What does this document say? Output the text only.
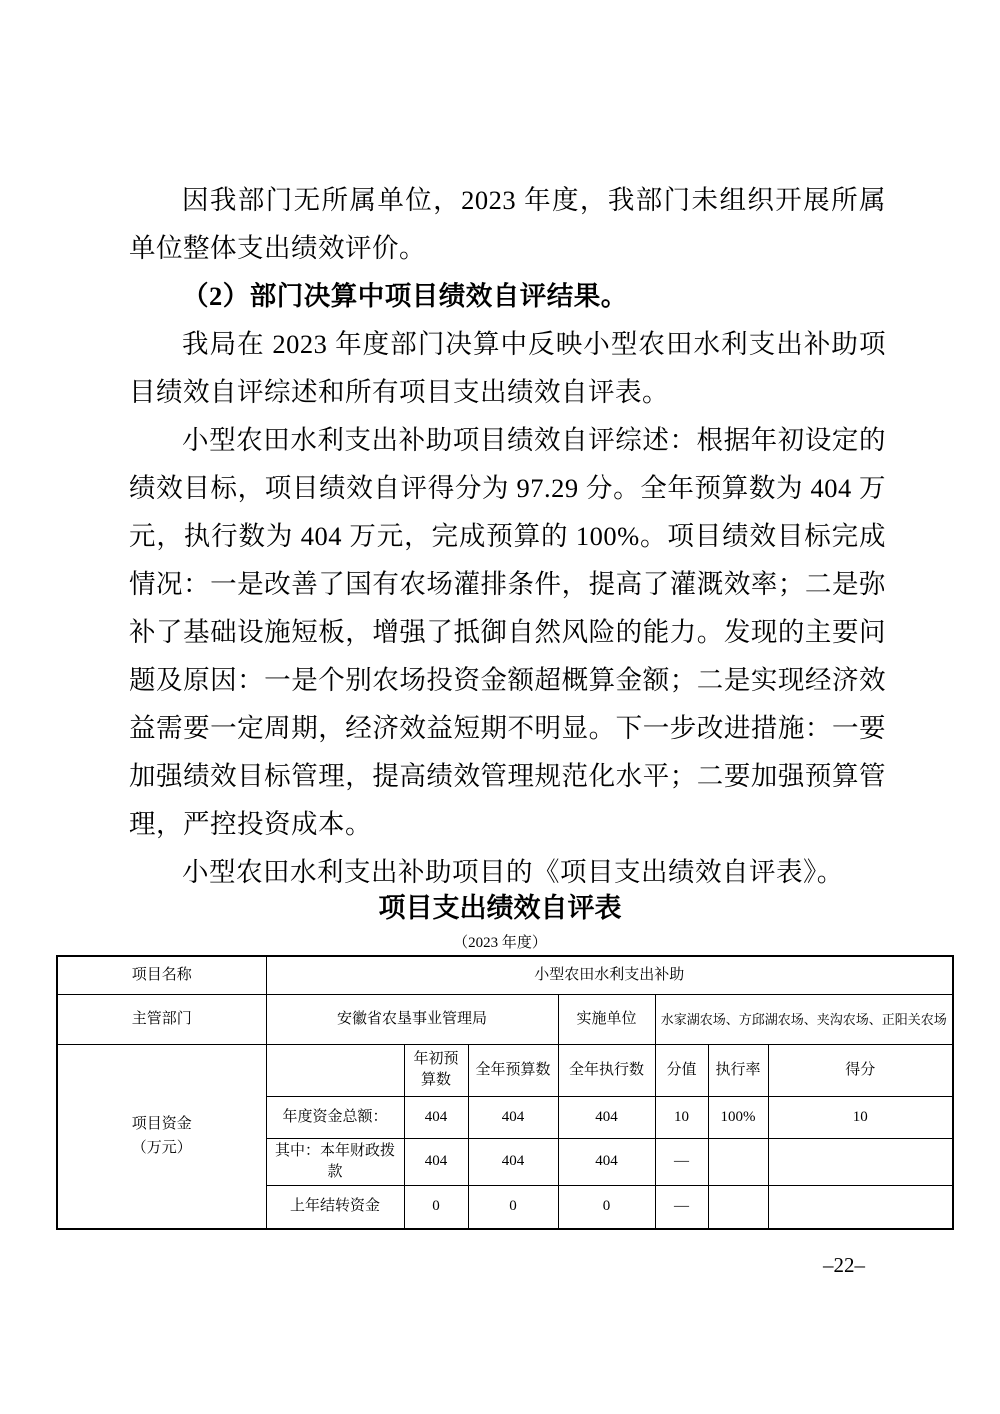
因我部门无所属单位，2023 年度，我部门未组织开展所属单位整体支出绩效评价。

（2）部门决算中项目绩效自评结果。

我局在 2023 年度部门决算中反映小型农田水利支出补助项目绩效自评综述和所有项目支出绩效自评表。

小型农田水利支出补助项目绩效自评综述：根据年初设定的绩效目标，项目绩效自评得分为 97.29 分。全年预算数为 404 万元，执行数为 404 万元，完成预算的 100%。项目绩效目标完成情况：一是改善了国有农场灌排条件，提高了灌溉效率；二是弥补了基础设施短板，增强了抵御自然风险的能力。发现的主要问题及原因：一是个别农场投资金额超概算金额；二是实现经济效益需要一定周期，经济效益短期不明显。下一步改进措施：一要加强绩效目标管理，提高绩效管理规范化水平；二要加强预算管理，严控投资成本。

小型农田水利支出补助项目的《项目支出绩效自评表》。

项目支出绩效自评表
（2023 年度）
项目名称	小型农田水利支出补助						
主管部门	安徽省农垦事业管理局			实施单位	水家湖农场、方邱湖农场、夹沟农场、正阳关农场		

项目资金
（万元）		年初预算数	全年预算数	全年执行数	分值	执行率	得分
	年度资金总额：	404	404	404	10	100%	10
	其中：本年财政拨款	404	404	404	—		
	上年结转资金	0	0	0	—		
–22–
